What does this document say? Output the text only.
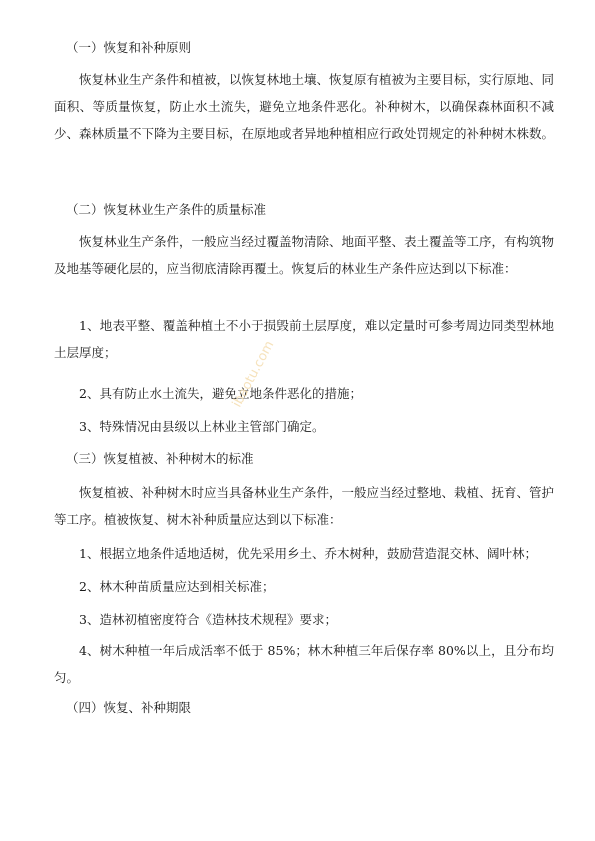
（一）恢复和补种原则

恢复林业生产条件和植被，以恢复林地土壤、恢复原有植被为主要目标，实行原地、同面积、等质量恢复，防止水土流失，避免立地条件恶化。补种树木，以确保森林面积不减少、森林质量不下降为主要目标，在原地或者异地种植相应行政处罚规定的补种树木株数。

（二）恢复林业生产条件的质量标准

恢复林业生产条件，一般应当经过覆盖物清除、地面平整、表土覆盖等工序，有构筑物及地基等硬化层的，应当彻底清除再覆土。恢复后的林业生产条件应达到以下标准：

1、地表平整、覆盖种植土不小于损毁前土层厚度，难以定量时可参考周边同类型林地土层厚度；

2、具有防止水土流失，避免立地条件恶化的措施；

3、特殊情况由县级以上林业主管部门确定。

（三）恢复植被、补种树木的标准

恢复植被、补种树木时应当具备林业生产条件，一般应当经过整地、栽植、抚育、管护等工序。植被恢复、树木补种质量应达到以下标准：

1、根据立地条件适地适树，优先采用乡土、乔木树种，鼓励营造混交林、阔叶林；

2、林木种苗质量应达到相关标准；

3、造林初植密度符合《造林技术规程》要求；

4、树木种植一年后成活率不低于 85%；林木种植三年后保存率 80%以上，且分布均匀。

（四）恢复、补种期限
ibaotu.com
